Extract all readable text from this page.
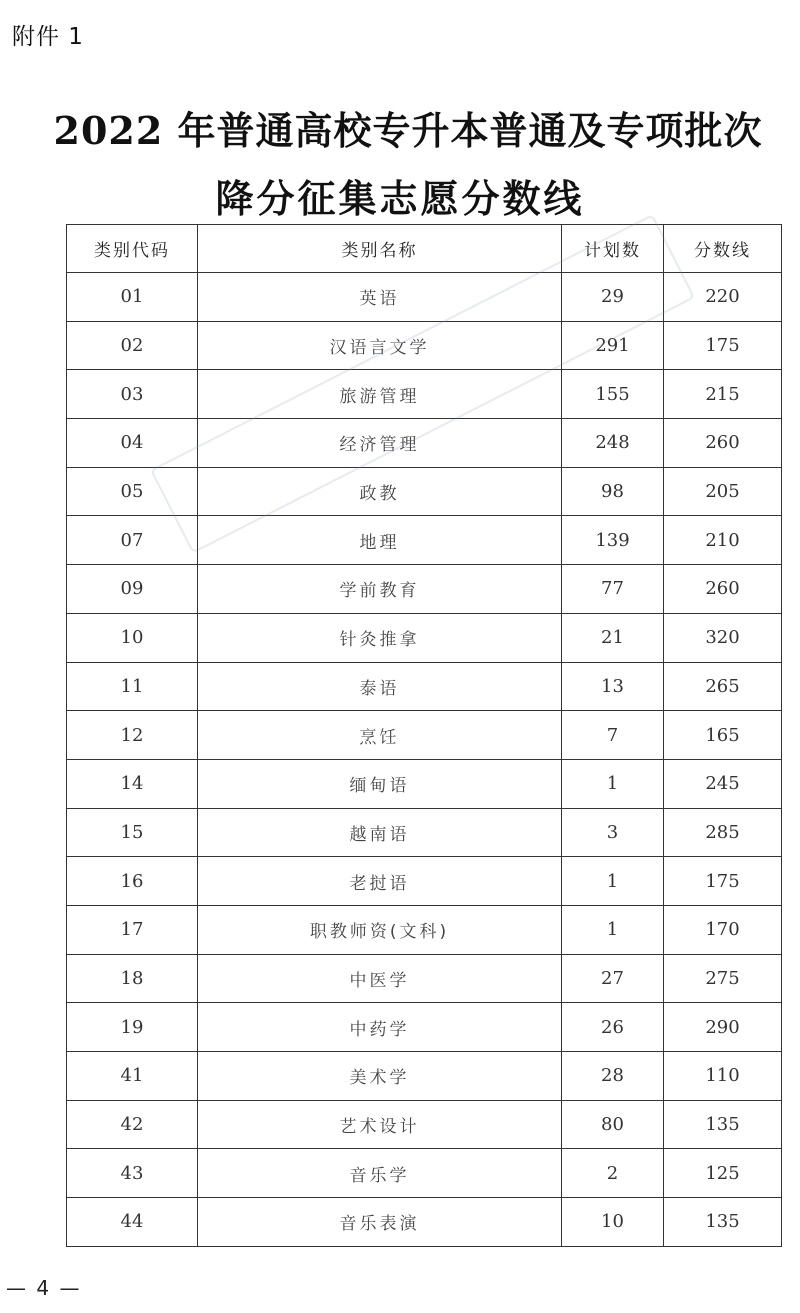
附件 1
2022 年普通高校专升本普通及专项批次
降分征集志愿分数线
类别代码	类别名称	计划数	分数线
01	英语	29	220
02	汉语言文学	291	175
03	旅游管理	155	215
04	经济管理	248	260
05	政教	98	205
07	地理	139	210
09	学前教育	77	260
10	针灸推拿	21	320
11	泰语	13	265
12	烹饪	7	165
14	缅甸语	1	245
15	越南语	3	285
16	老挝语	1	175
17	职教师资(文科)	1	170
18	中医学	27	275
19	中药学	26	290
41	美术学	28	110
42	艺术设计	80	135
43	音乐学	2	125
44	音乐表演	10	135
— 4 —
